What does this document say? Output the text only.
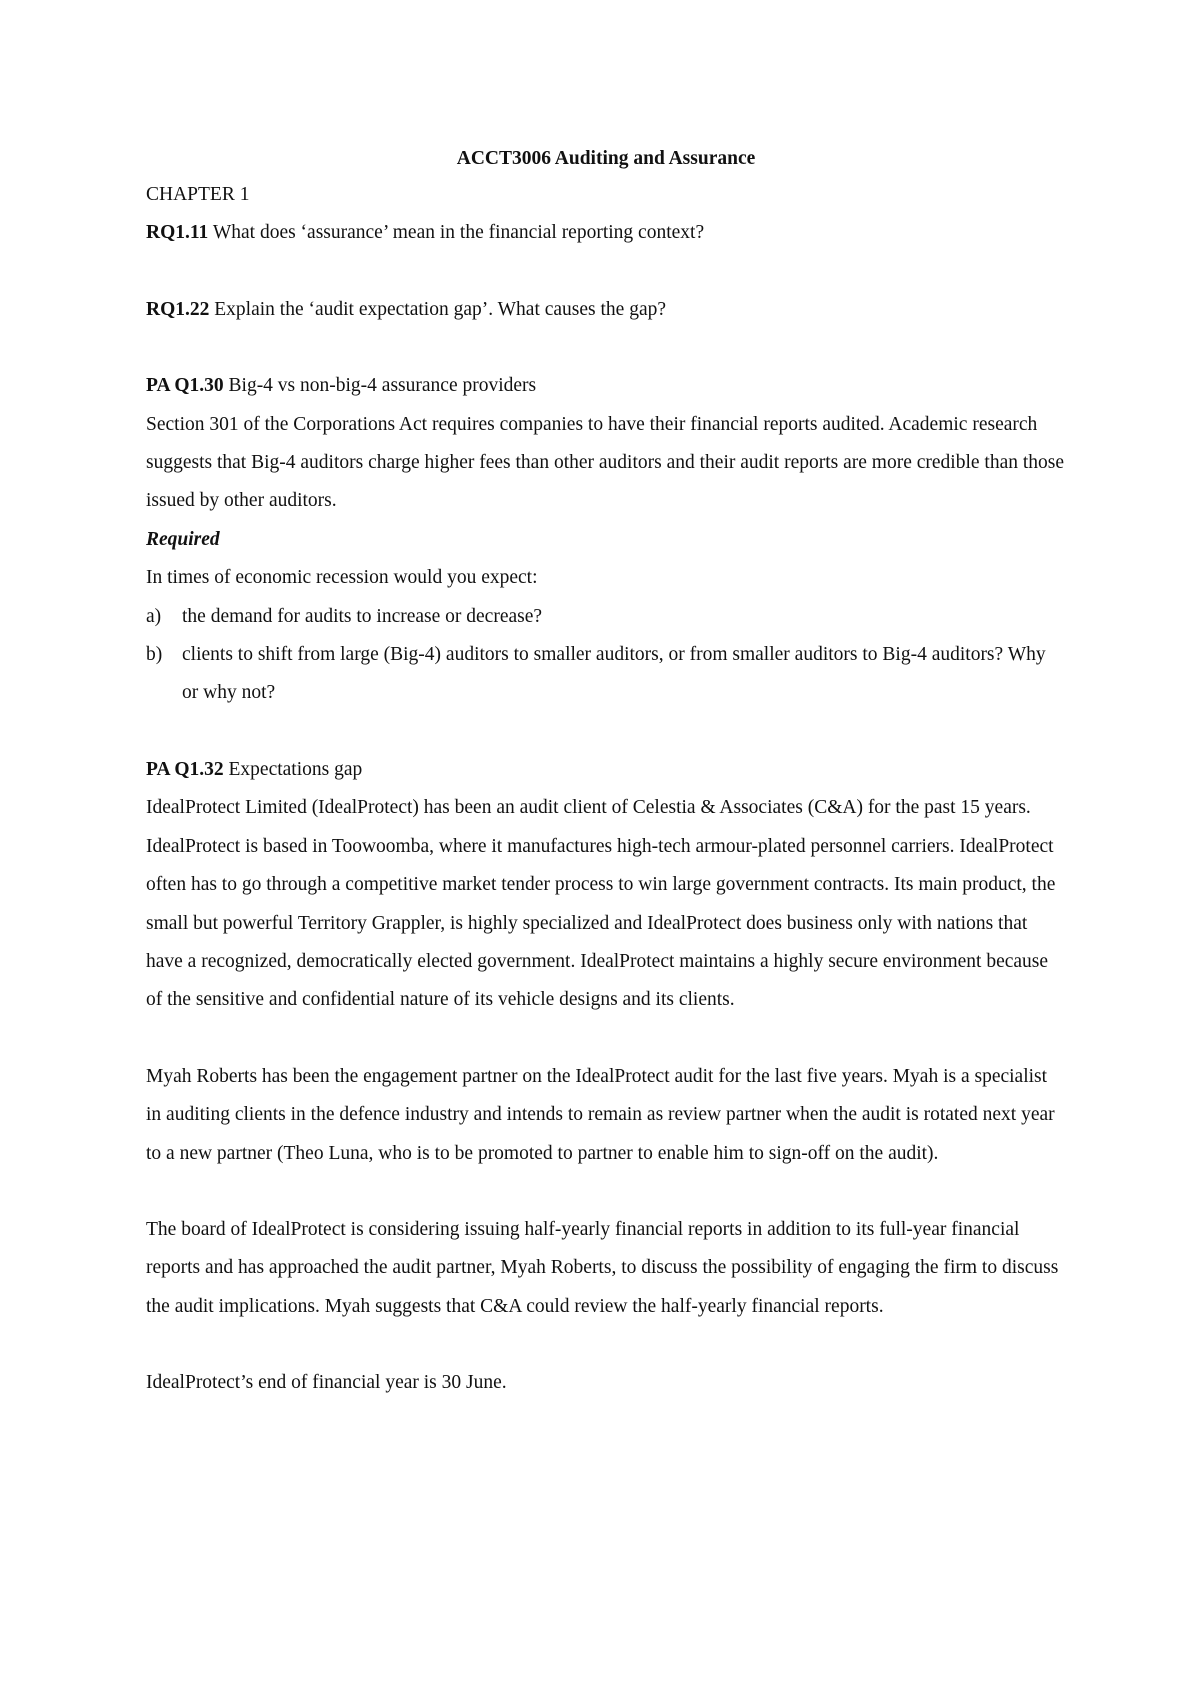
ACCT3006 Auditing and Assurance

CHAPTER 1

RQ1.11 What does ‘assurance’ mean in the financial reporting context?

RQ1.22 Explain the ‘audit expectation gap’. What causes the gap?

PA Q1.30 Big-4 vs non-big-4 assurance providers

Section 301 of the Corporations Act requires companies to have their financial reports audited. Academic research suggests that Big-4 auditors charge higher fees than other auditors and their audit reports are more credible than those issued by other auditors.

Required

In times of economic recession would you expect:

a) the demand for audits to increase or decrease?
b) clients to shift from large (Big-4) auditors to smaller auditors, or from smaller auditors to Big-4 auditors? Why or why not?

PA Q1.32 Expectations gap

IdealProtect Limited (IdealProtect) has been an audit client of Celestia & Associates (C&A) for the past 15 years. IdealProtect is based in Toowoomba, where it manufactures high-tech armour-plated personnel carriers. IdealProtect often has to go through a competitive market tender process to win large government contracts. Its main product, the small but powerful Territory Grappler, is highly specialized and IdealProtect does business only with nations that have a recognized, democratically elected government. IdealProtect maintains a highly secure environment because of the sensitive and confidential nature of its vehicle designs and its clients.

Myah Roberts has been the engagement partner on the IdealProtect audit for the last five years. Myah is a specialist in auditing clients in the defence industry and intends to remain as review partner when the audit is rotated next year to a new partner (Theo Luna, who is to be promoted to partner to enable him to sign-off on the audit).

The board of IdealProtect is considering issuing half-yearly financial reports in addition to its full-year financial reports and has approached the audit partner, Myah Roberts, to discuss the possibility of engaging the firm to discuss the audit implications. Myah suggests that C&A could review the half-yearly financial reports.

IdealProtect’s end of financial year is 30 June.
